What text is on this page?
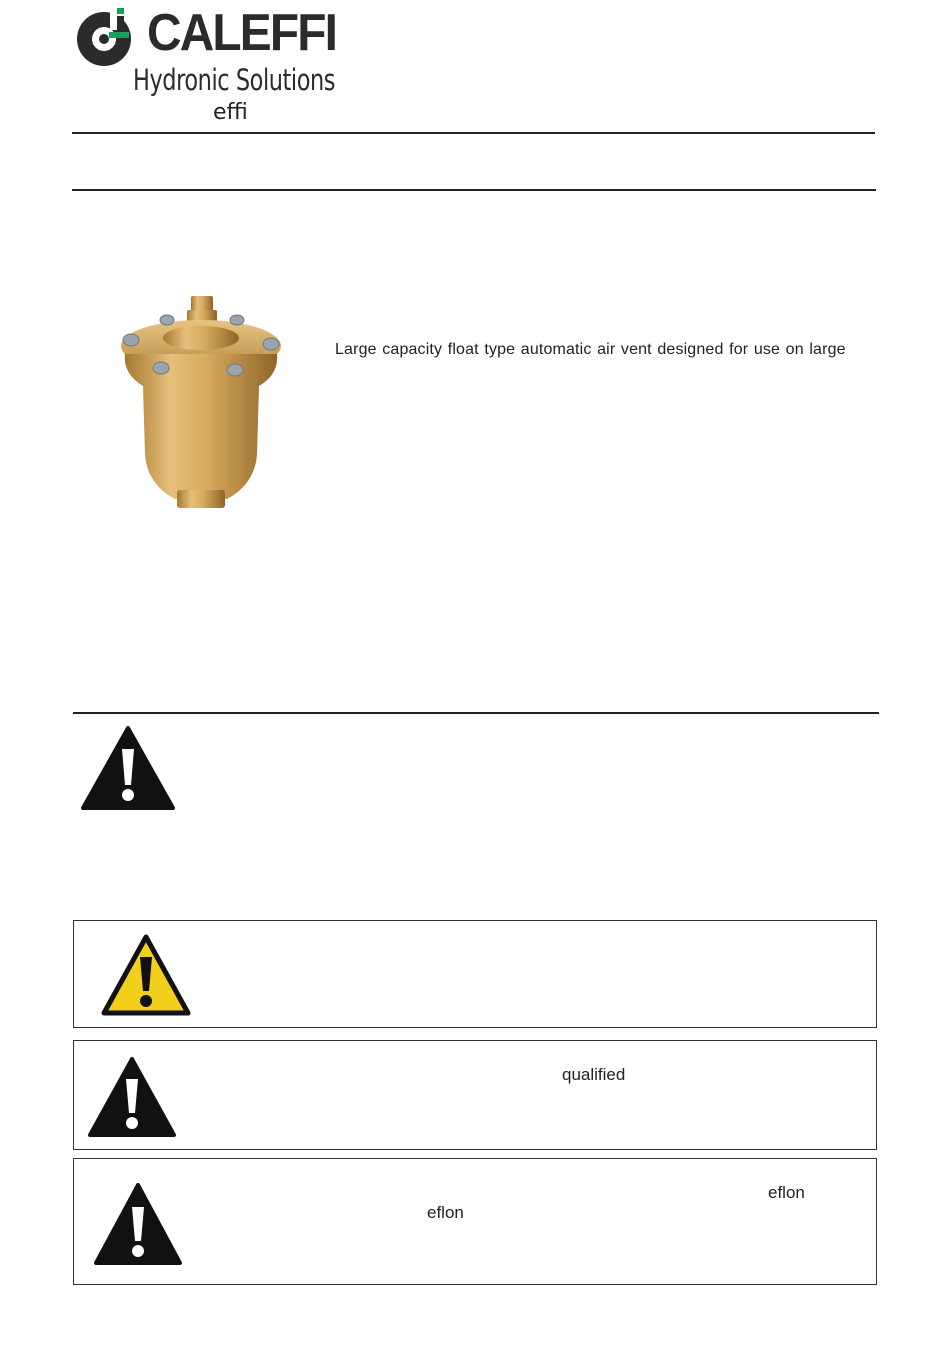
CALEFFI
Hydronic Solutions
effi
Large capacity float type automatic air vent designed for use on large
qualified
eflon
eflon
